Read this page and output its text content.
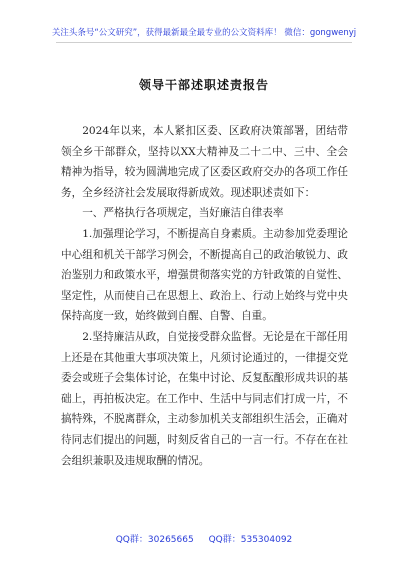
关注头条号“公文研究”，获得最新最全最专业的公文资料库！ 微信：gongwenyj
领导干部述职述责报告

2024年以来，本人紧扣区委、区政府决策部署，团结带领全乡干部群众，坚持以XX大精神及二十二中、三中、全会精神为指导，较为圆满地完成了区委区政府交办的各项工作任务，全乡经济社会发展取得新成效。现述职述责如下：

一、严格执行各项规定，当好廉洁自律表率

1.加强理论学习，不断提高自身素质。主动参加党委理论中心组和机关干部学习例会，不断提高自己的政治敏锐力、政治鉴别力和政策水平，增强贯彻落实党的方针政策的自觉性、坚定性，从而使自己在思想上、政治上、行动上始终与党中央保持高度一致，始终做到自醒、自警、自重。

2.坚持廉洁从政，自觉接受群众监督。无论是在干部任用上还是在其他重大事项决策上，凡须讨论通过的，一律提交党委会或班子会集体讨论，在集中讨论、反复酝酿形成共识的基础上，再拍板决定。在工作中、生活中与同志们打成一片，不搞特殊，不脱离群众，主动参加机关支部组织生活会，正确对待同志们提出的问题，时刻反省自己的一言一行。不存在在社会组织兼职及违规取酬的情况。

QQ群：30265665 QQ群：535304092
